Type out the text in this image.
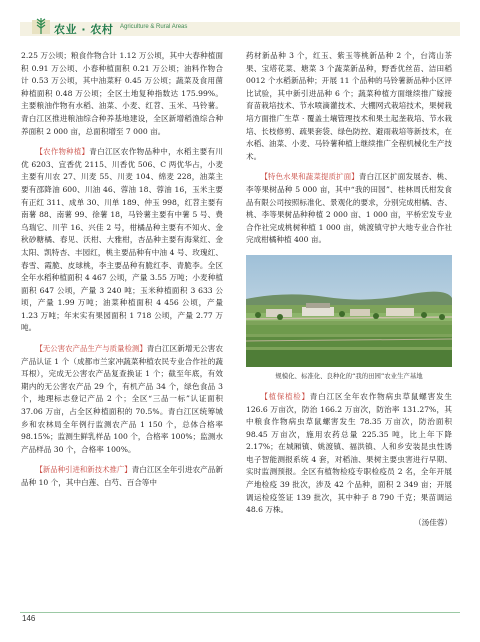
农业 · 农村 Agriculture & Rural Areas

2.25 万公顷；粮食作物合计 1.12 万公顷，其中大春种植面积 0.91 万公顷、小春种植面积 0.21 万公顷；油料作物合计 0.53 万公顷，其中油菜籽 0.45 万公顷；蔬菜及食用菌种植面积 0.48 万公顷；全区土地复种指数达 175.99%。主要粮油作物有水稻、油菜、小麦、红苕、玉米、马铃薯。青白江区推进粮油综合种养基地建设，全区新增稻渔综合种养面积 2 000 亩，总面积增至 7 000 亩。

【农作物种植】青白江区农作物品种中，水稻主要有川优 6203、宜香优 2115、川香优 506、C 两优华占，小麦主要有川农 27、川麦 55、川麦 104、绵麦 228，油菜主要有邵降油 600、川油 46、蓉油 18、蓉油 16，玉米主要有正红 311、成单 30、川单 189、仲玉 998，红苕主要有南薯 88、南薯 99、徐薯 18，马铃薯主要有中薯 5 号、费乌瑞它、川芋 16、兴佳 2 号，柑橘品种主要有不知火、金秋砂糖橘、春见、沃柑、大雅柑，杏品种主要有海棠红、金太阳、凯特杏、丰园红，桃主要品种有中油 4 号、玫瑰红、春雪、霞脆、皮球桃，李主要品种有脆红李、青脆李。全区全年水稻种植面积 4 467 公顷，产量 3.55 万吨；小麦种植面积 647 公顷，产量 3 240 吨；玉米种植面积 3 633 公顷，产量 1.99 万吨；油菜种植面积 4 456 公顷，产量 1.23 万吨；年末实有果园面积 1 718 公顷，产量 2.77 万吨。

【无公害农产品生产与质量检测】青白江区新增无公害农产品认证 1 个（成都市兰家冲蔬菜种植农民专业合作社的蔬耳根），完成无公害农产品复查换证 1 个；截至年底，有效期内的无公害农产品 29 个，有机产品 34 个，绿色食品 3 个，地理标志登记产品 2 个；全区“三品一标”认证面积 37.06 万亩，占全区种植面积的 70.5%。青白江区统筹城乡和农林局全年例行监测农产品 1 150 个，总体合格率 98.15%；监测生鲜乳样品 100 个，合格率 100%；监测水产品样品 30 个，合格率 100%。

【新品种引进和新技术推广】青白江区全年引进农产品新品种 10 个，其中白莲、白芍、百合等中

药材新品种 3 个，红玉、紫玉等桃新品种 2 个，台湾山茶果、宝塔花菜、塘菜 3 个蔬菜新品种，野香优丝苗、洁田稻 0012 个水稻新品种；开展 11 个品种的马铃薯新品种小区评比试验，其中新引进品种 6 个；蔬菜种植方面继续推广嫁接育苗栽培技术、节水喷滴灌技术、大棚网式栽培技术，果树栽培方面推广生草 · 覆盖土壤管理技术和果土起垄栽培、节水栽培、长枝修剪、疏果套袋、绿色防控、避雨栽培等新技术，在水稻、油菜、小麦、马铃薯种植上继续推广全程机械化生产技术。

【特色水果和蔬菜提质扩面】青白江区扩面发展杏、桃、李等果树品种 5 000 亩，其中“我的田园”、桂林周氏柑发食品有限公司按照标准化、景观化的要求，分别完成柑橘、杏、桃、李等果树品种种植 2 000 亩、1 000 亩，平桥宏发专业合作社完成桃树种植 1 000 亩，姚渡镇守护大地专业合作社完成柑橘种植 400 亩。

规模化、标准化、良种化的“我的田园”农业生产基地

【植保植检】青白江区全年农作物病虫草鼠螺害发生 126.6 万亩次，防治 166.2 万亩次，防治率 131.27%，其中粮食作物病虫草鼠螺害发生 78.35 万亩次，防治面积 98.45 万亩次，施用农药总量 225.35 吨，比上年下降 2.17%；在城厢镇、姚渡镇、福洪镇、人和乡安装昆虫性诱电子智能测报系统 4 套，对稻油、果树主要虫害进行早期、实时监测预报。全区有植物检疫专职检疫员 2 名，全年开展产地检疫 39 批次，涉及 42 个品种，面积 2 349 亩；开展调运检疫签证 139 批次，其中种子 8 790 千克；果苗调运 48.6 万株。
（汤佳蓉）

146
